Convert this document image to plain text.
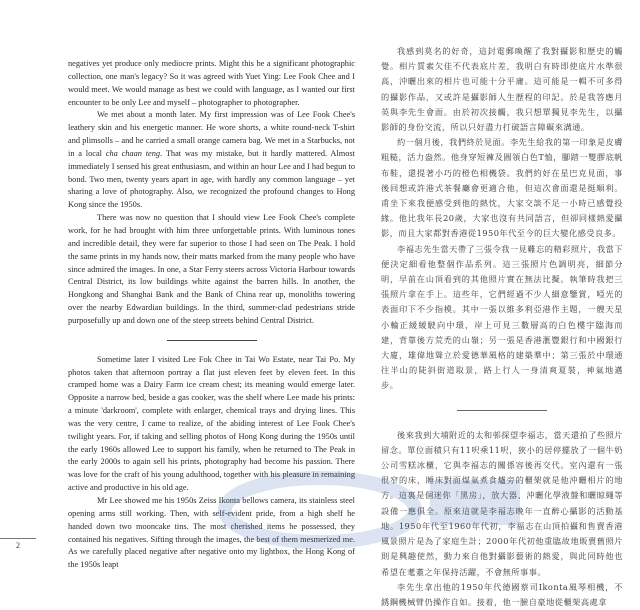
negatives yet produce only mediocre prints. Might this be a significant photographic collection, one man's legacy? So it was agreed with Yuet Ying: Lee Fook Chee and I would meet. We would manage as best we could with language, as I wanted our first encounter to be only Lee and myself – photographer to photographer.

We met about a month later. My first impression was of Lee Fook Chee's leathery skin and his energetic manner. He wore shorts, a white round-neck T-shirt and plimsolls – and he carried a small orange camera bag. We met in a Starbucks, not in a local cha chaan teng. That was my mistake, but it hardly mattered. Almost immediately I sensed his great enthusiasm, and within an hour Lee and I had begun to bond. Two men, twenty years apart in age, with hardly any common language – yet sharing a love of photography. Also, we recognized the profound changes to Hong Kong since the 1950s.

There was now no question that I should view Lee Fook Chee's complete work, for he had brought with him three unforgettable prints. With luminous tones and incredible detail, they were far superior to those I had seen on The Peak. I hold the same prints in my hands now, their matts marked from the many people who have since admired the images. In one, a Star Ferry steers across Victoria Harbour towards Central District, its low buildings white against the barren hills. In another, the Hongkong and Shanghai Bank and the Bank of China rear up, monoliths towering over the nearby Edwardian buildings. In the third, summer-clad pedestrians stride purposefully up and down one of the steep streets behind Central District.

Sometime later I visited Lee Fok Chee in Tai Wo Estate, near Tai Po. My photos taken that afternoon portray a flat just eleven feet by eleven feet. In this cramped home was a Dairy Farm ice cream chest; its meaning would emerge later. Opposite a narrow bed, beside a gas cooker, was the shelf where Lee made his prints: a minute 'darkroom', complete with enlarger, chemical trays and drying lines. This was the very centre, I came to realize, of the abiding interest of Lee Fook Chee's twilight years. For, if taking and selling photos of Hong Kong during the 1950s until the early 1960s allowed Lee to support his family, when he returned to The Peak in the early 2000s to again sell his prints, photography had become his passion. There was love for the craft of his young adulthood, together with his pleasure in remaining active and productive in his old age.

Mr Lee showed me his 1950s Zeiss Ikonta bellows camera, its stainless steel opening arms still working. Then, with self-evident pride, from a high shelf he handed down two mooncake tins. The most cherished items he possessed, they contained his negatives. Sifting through the images, the best of them mesmerized me. As we carefully placed negative after negative onto my lightbox, the Hong Kong of the 1950s leapt

我感到莫名的好奇，這封電郵喚醒了我對攝影和歷史的觸覺。相片質素欠佳不代表底片差，我明白有時即使底片水準很高，沖曬出來的相片也可能十分平庸。這可能是一輯不可多得的攝影作品，又或許是攝影師人生歷程的印記。於是我答應月英與李先生會面。由於初次接觸，我只想單獨見李先生，以攝影師的身份交流，所以只好盡力打破語言障礙來溝通。

約一個月後，我們終於見面。李先生給我的第一印象是皮膚粗糙，活力盎然。他身穿短褲及圓領白色T恤，腳踏一雙膠底帆布鞋，還提著小巧的橙色相機袋。我們約好在星巴克見面，事後回想或許港式茶餐廳會更適合他，但這次會面還是挺順利。甫坐下來我便感受到他的熱忱，大家交談不足一小時已感覺投緣。他比我年長20歲，大家也沒有共同語言，但卻同樣熱愛攝影，而且大家都對香港從1950年代至今的巨大變化感受良多。

李福志先生當天帶了三張令我一見難忘的精彩照片，我當下便決定細看他整個作品系列。這三張照片色調明亮，細節分明，早前在山頂看到的其他照片實在無法比擬。執筆時我把三張照片拿在手上。這些年，它們經過不少人細意鑒賞，啞光的表面印下不少指模。其中一張以維多利亞港作主題，一艘天星小輪正緩緩駛向中環，岸上可見三數層高的白色樓宇臨海而建，背靠後方荒禿的山嶺；另一張是香港滙豐銀行和中國銀行大廈，雄偉地聳立於愛德華風格的建築羣中；第三張於中環通往半山的陡斜街道取景，路上行人一身清爽夏裝，神氣地邁步。

後來我到大埔附近的太和邨探望李福志，當天還拍了些照片留念。單位面積只有11呎乘11呎，狹小的居停擺放了一個牛奶公司雪糕冰櫃，它與李福志的關係容後再交代。室內還有一張很窄的床，睡床對面煤氣煮食爐旁的櫃架就是他沖曬相片的地方。這裏是個迷你「黑房」，放大器、沖曬化學液盤和曬晾繩等設備一應俱全。原來這就是李福志晚年一直醉心攝影的活動基地。1950年代至1960年代初，李福志在山頂拍攝和售賣香港風景照片是為了家庭生計；2000年代初他重臨故地販賣舊照片則是興趣使然，動力來自他對攝影藝術的熱愛，與此同時他也希望在耄耋之年保持活躍，不會無所事事。

李先生拿出他的1950年代德國蔡司Ikonta風琴相機，不銹鋼機械臂仍操作自如。接着，他一臉自豪地從櫃架高處拿

2
